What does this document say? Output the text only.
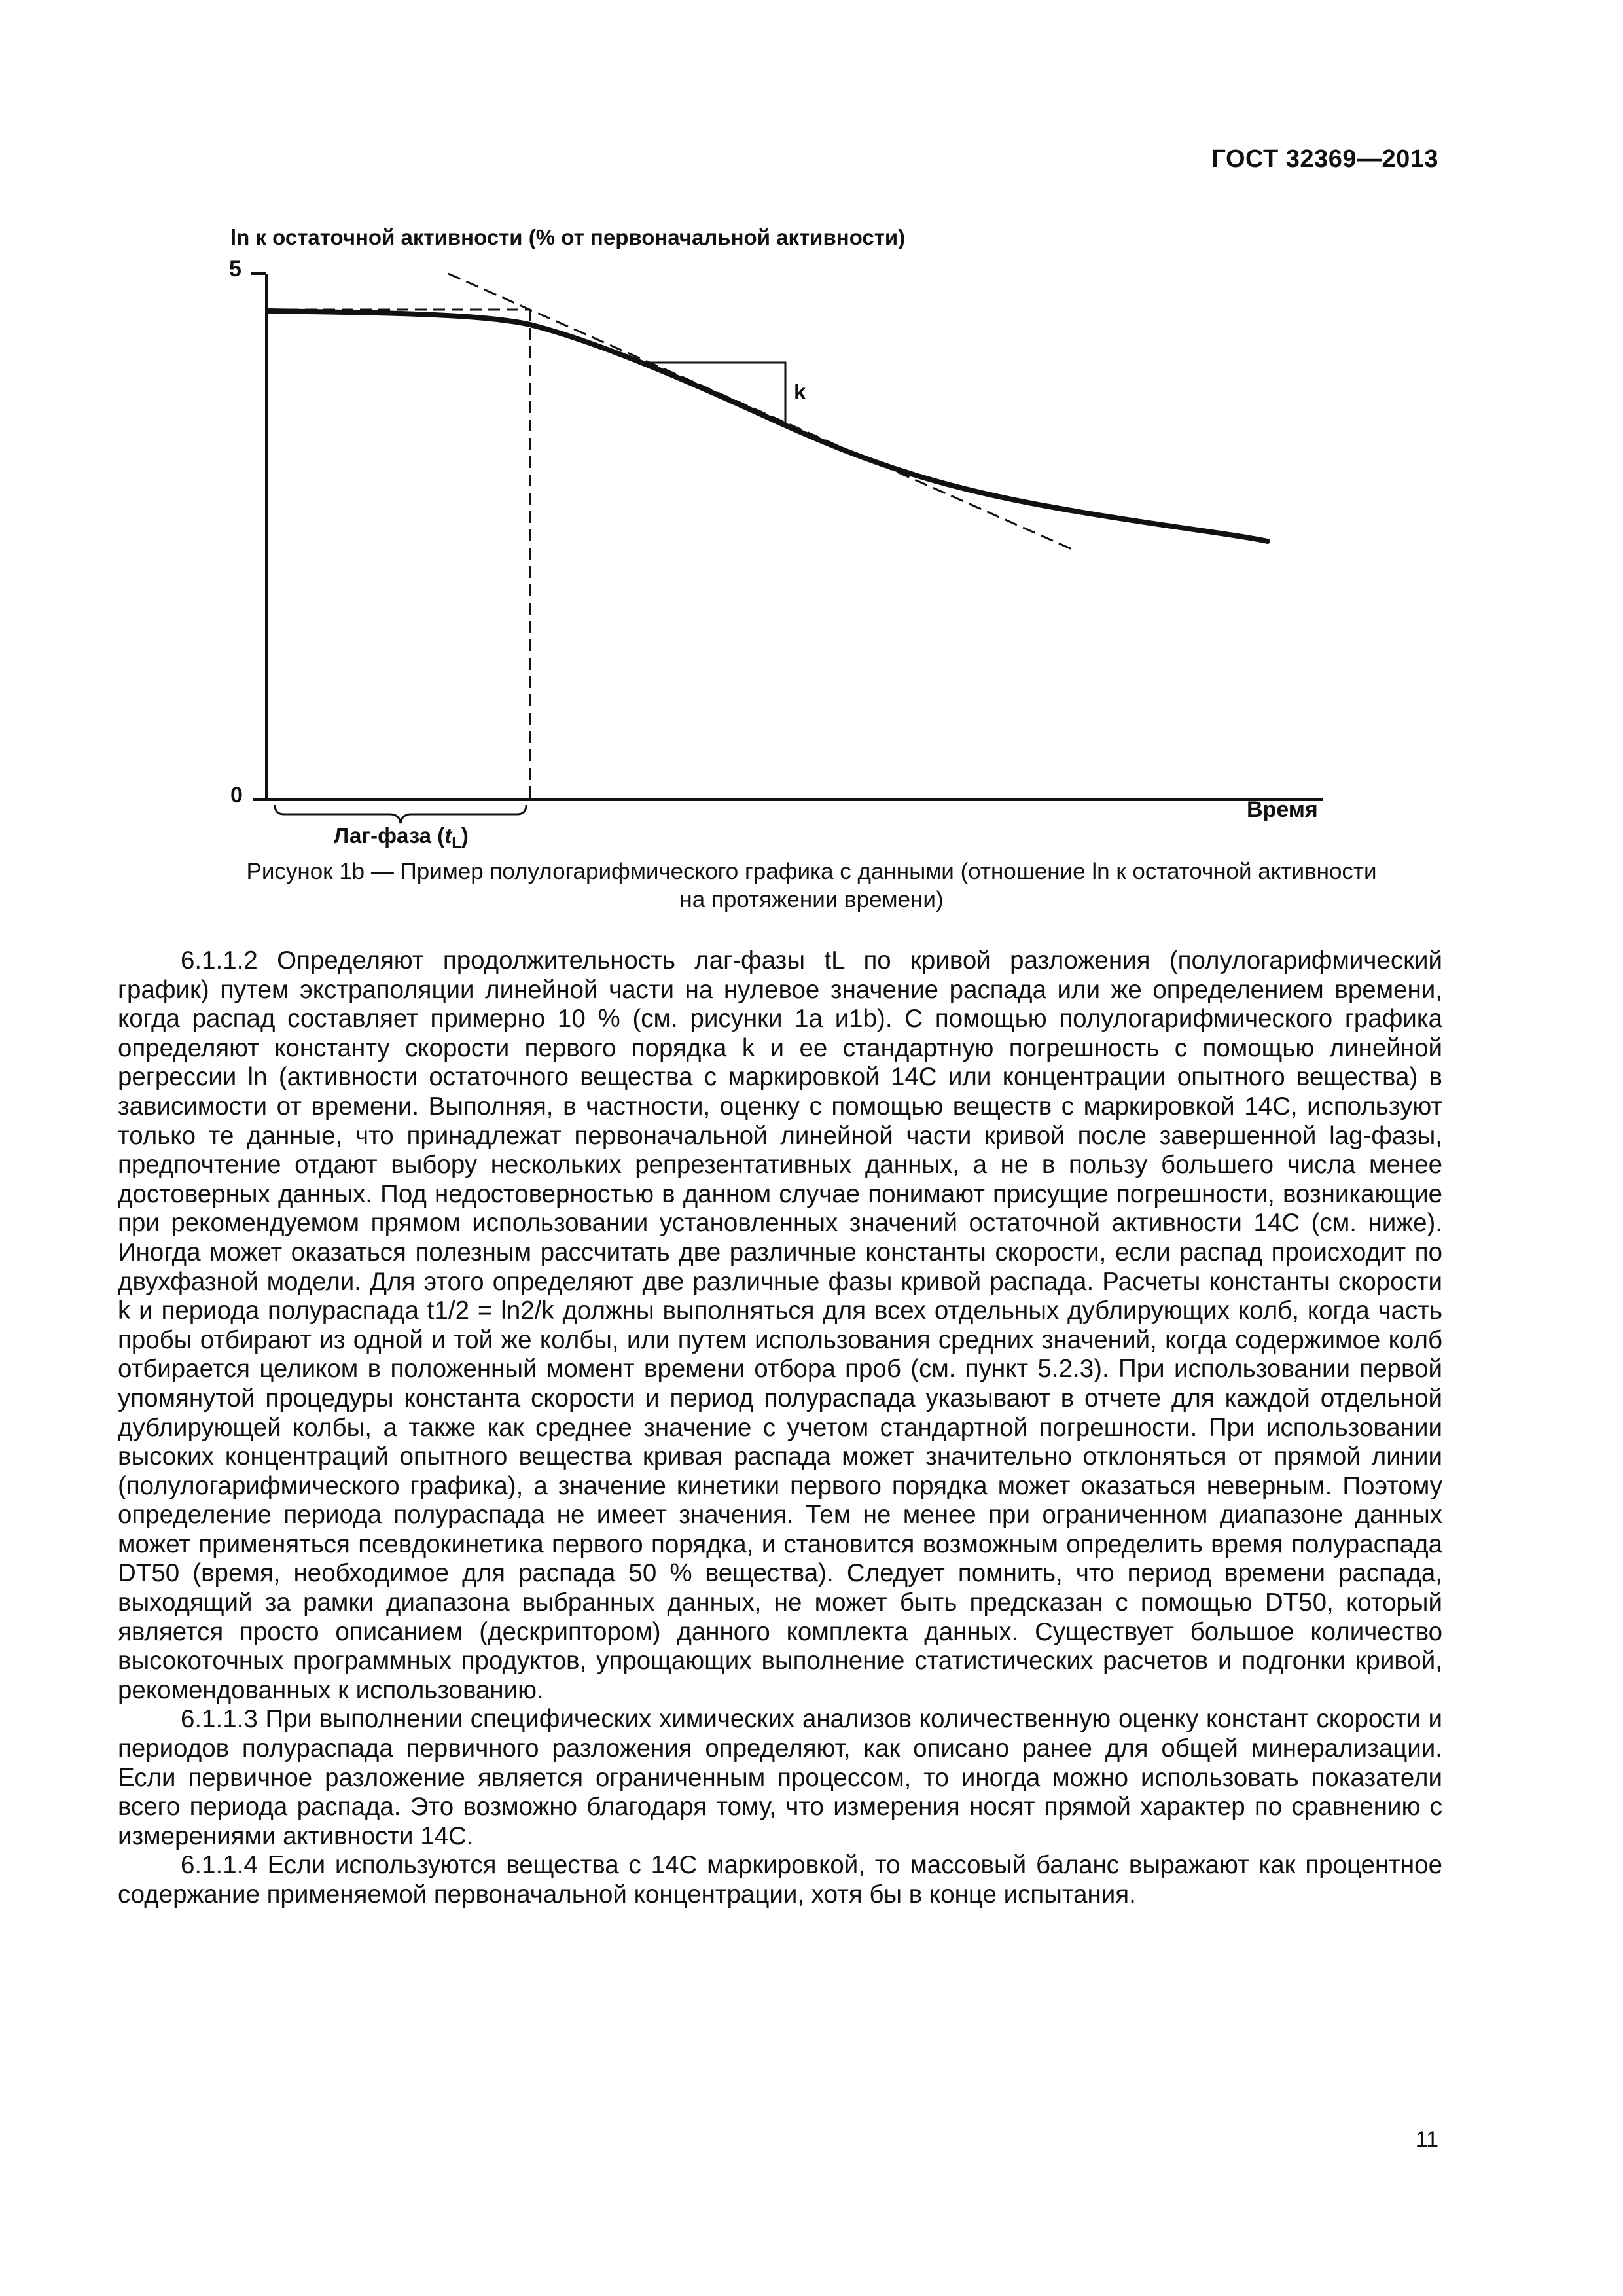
ГОСТ 32369—2013
ln к остаточной активности (% от первоначальной активности)
5
0
Время
k
Лаг-фаза $(t_L)$
Рисунок 1b — Пример полулогарифмического графика с данными (отношение ln к остаточной активности
на протяжении времени)

6.1.1.2 Определяют продолжительность лаг-фазы tL по кривой разложения (полулогарифмический график) путем экстраполяции линейной части на нулевое значение распада или же определением времени, когда распад составляет примерно 10 % (см. рисунки 1а и1b). С помощью полулогарифмического графика определяют константу скорости первого порядка k и ее стандартную погрешность с помощью линейной регрессии ln (активности остаточного вещества с маркировкой 14С или концентрации опытного вещества) в зависимости от времени. Выполняя, в частности, оценку с помощью веществ с маркировкой 14С, используют только те данные, что принадлежат первоначальной линейной части кривой после завершенной lag-фазы, предпочтение отдают выбору нескольких репрезентативных данных, а не в пользу большего числа менее достоверных данных. Под недостоверностью в данном случае понимают присущие погрешности, возникающие при рекомендуемом прямом использовании установленных значений остаточной активности 14С (см. ниже). Иногда может оказаться полезным рассчитать две различные константы скорости, если распад происходит по двухфазной модели. Для этого определяют две различные фазы кривой распада. Расчеты константы скорости k и периода полураспада t1/2 = ln2/k должны выполняться для всех отдельных дублирующих колб, когда часть пробы отбирают из одной и той же колбы, или путем использования средних значений, когда содержимое колб отбирается целиком в положенный момент времени отбора проб (см. пункт 5.2.3). При использовании первой упомянутой процедуры константа скорости и период полураспада указывают в отчете для каждой отдельной дублирующей колбы, а также как среднее значение с учетом стандартной погрешности. При использовании высоких концентраций опытного вещества кривая распада может значительно отклоняться от прямой линии (полулогарифмического графика), а значение кинетики первого порядка может оказаться неверным. Поэтому определение периода полураспада не имеет значения. Тем не менее при ограниченном диапазоне данных может применяться псевдокинетика первого порядка, и становится возможным определить время полураспада DT50 (время, необходимое для распада 50 % вещества). Следует помнить, что период времени распада, выходящий за рамки диапазона выбранных данных, не может быть предсказан с помощью DT50, который является просто описанием (дескриптором) данного комплекта данных. Существует большое количество высокоточных программных продуктов, упрощающих выполнение статистических расчетов и подгонки кривой, рекомендованных к использованию.

6.1.1.3 При выполнении специфических химических анализов количественную оценку констант скорости и периодов полураспада первичного разложения определяют, как описано ранее для общей минерализации. Если первичное разложение является ограниченным процессом, то иногда можно использовать показатели всего периода распада. Это возможно благодаря тому, что измерения носят прямой характер по сравнению с измерениями активности 14С.

6.1.1.4 Если используются вещества с 14С маркировкой, то массовый баланс выражают как процентное содержание применяемой первоначальной концентрации, хотя бы в конце испытания.

11
